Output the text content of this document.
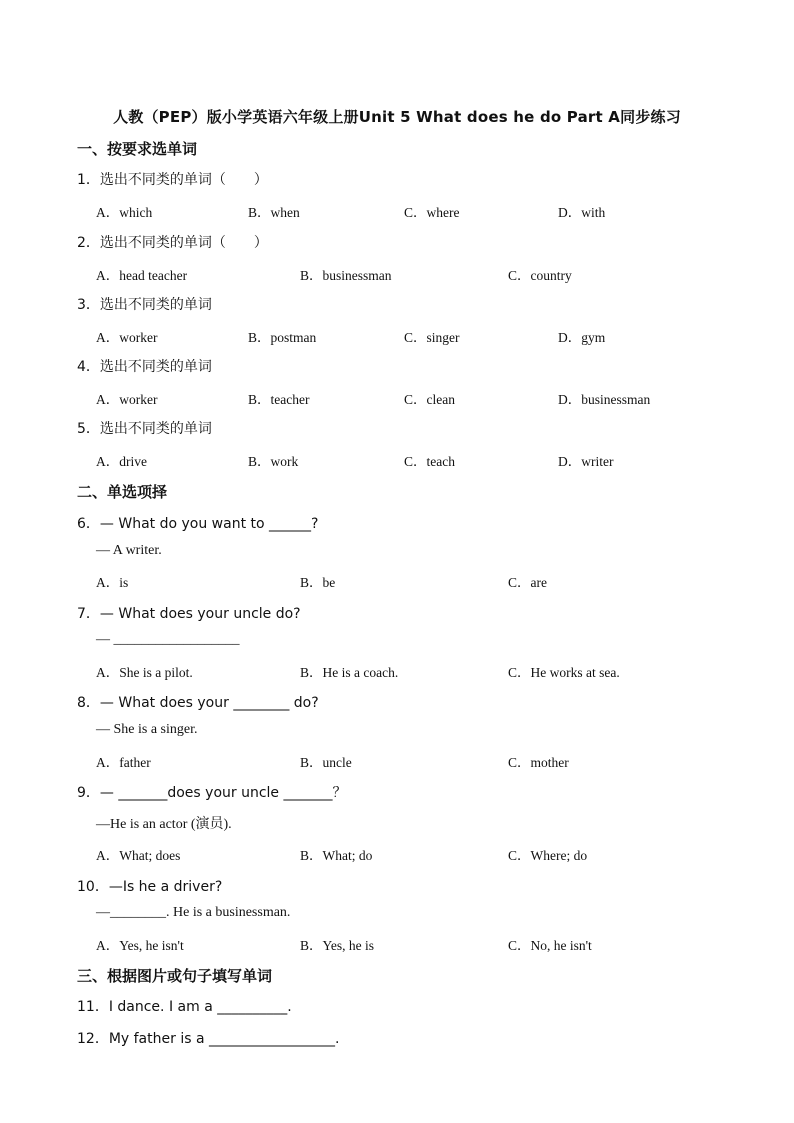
人教（PEP）版小学英语六年级上册Unit 5 What does he do Part A同步练习
一、按要求选单词
1．选出不同类的单词（　　）
A．which	B．when	C．where	D．with
2．选出不同类的单词（　　）
A．head teacher	B．businessman	C．country
3．选出不同类的单词
A．worker	B．postman	C．singer	D．gym
4．选出不同类的单词
A．worker	B．teacher	C．clean	D．businessman
5．选出不同类的单词
A．drive	B．work	C．teach	D．writer
二、单选项择
6．— What do you want to ______?
— A writer.
A．is	B．be	C．are
7．— What does your uncle do?
— __________________
A．She is a pilot.	B．He is a coach.	C．He works at sea.
8．— What does your ________ do?
— She is a singer.
A．father	B．uncle	C．mother
9．— _______does your uncle _______？
—He is an actor (演员).
A．What; does	B．What; do	C．Where; do
10．—Is he a driver?
—________. He is a businessman.
A．Yes, he isn't	B．Yes, he is	C．No, he isn't
三、根据图片或句子填写单词
11．I dance. I am a __________.
12．My father is a __________________.
